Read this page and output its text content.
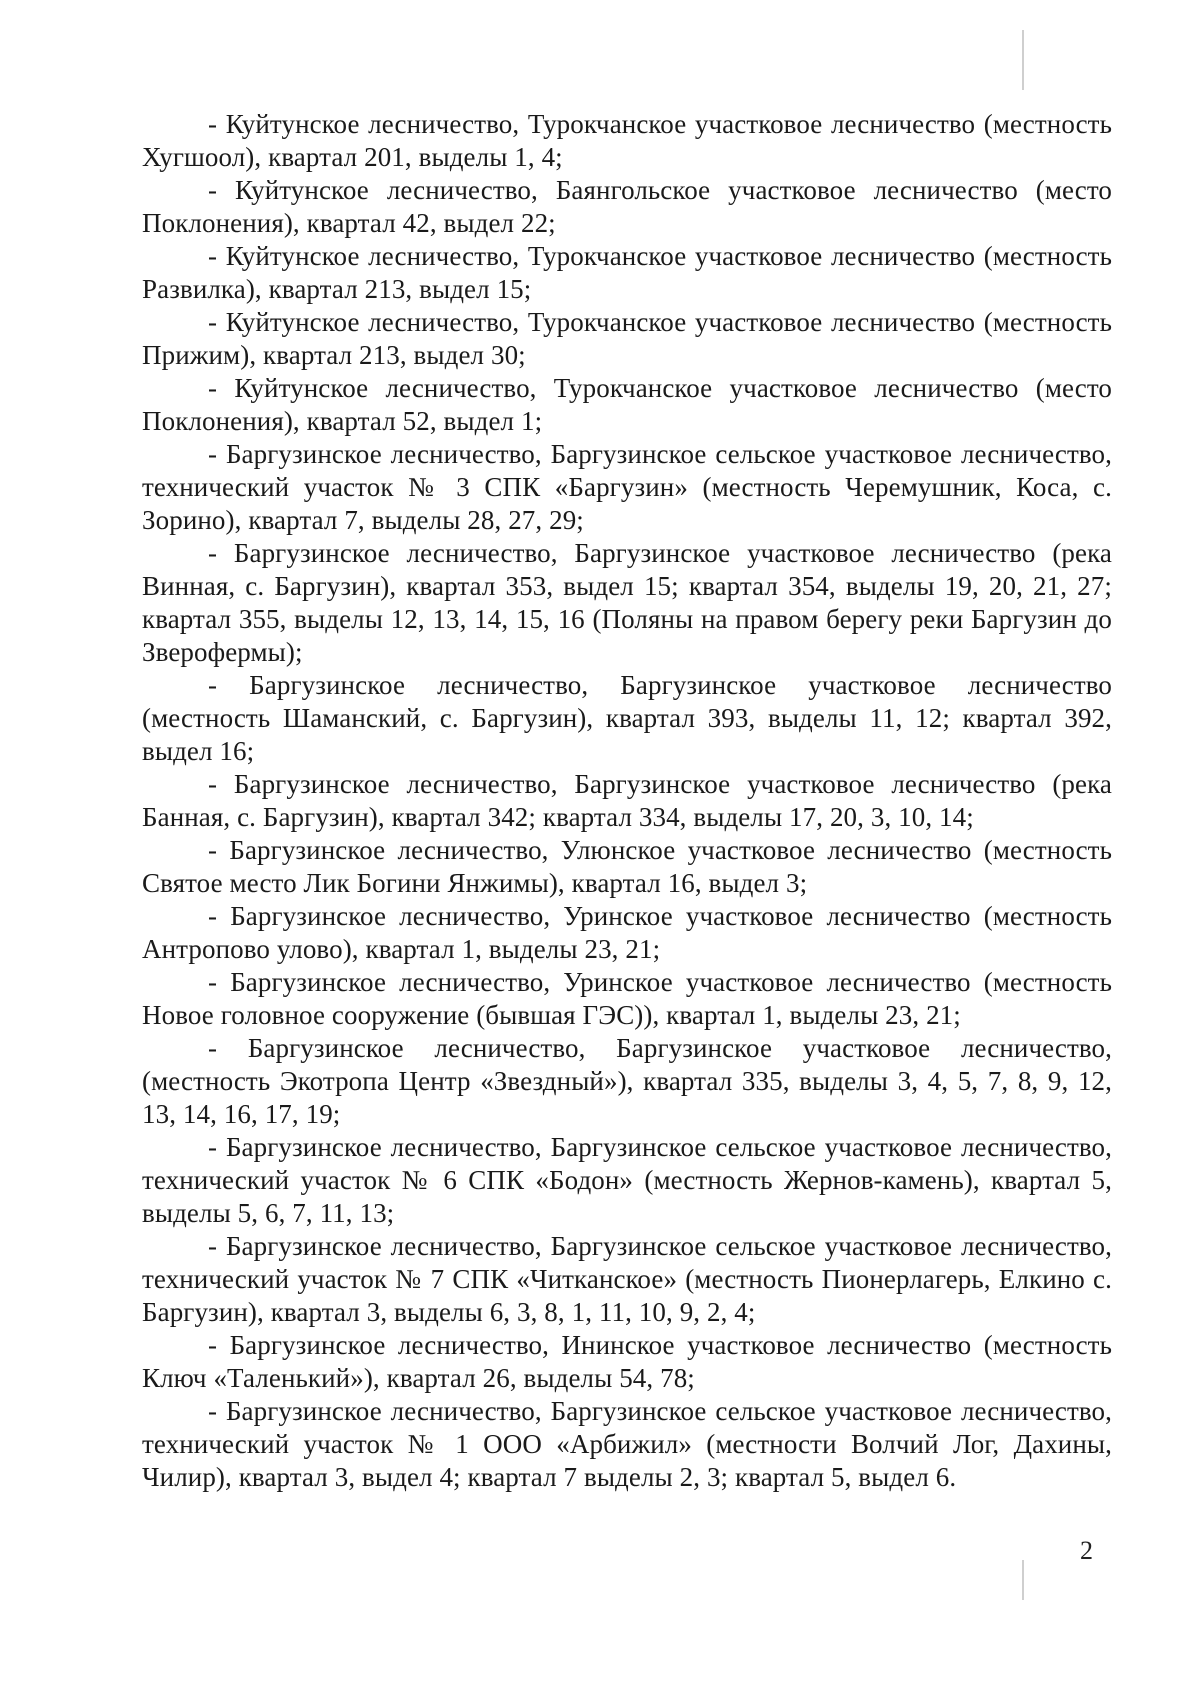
- Куйтунское лесничество, Турокчанское участковое лесничество (местность Хугшоол), квартал 201, выделы 1, 4;

- Куйтунское лесничество, Баянгольское участковое лесничество (место Поклонения), квартал 42, выдел 22;

- Куйтунское лесничество, Турокчанское участковое лесничество (местность Развилка), квартал 213, выдел 15;

- Куйтунское лесничество, Турокчанское участковое лесничество (местность Прижим), квартал 213, выдел 30;

- Куйтунское лесничество, Турокчанское участковое лесничество (место Поклонения), квартал 52, выдел 1;

- Баргузинское лесничество, Баргузинское сельское участковое лесничество, технический участок № 3 СПК «Баргузин» (местность Черемушник, Коса, с. Зорино), квартал 7, выделы 28, 27, 29;

- Баргузинское лесничество, Баргузинское участковое лесничество (река Винная, с. Баргузин), квартал 353, выдел 15; квартал 354, выделы 19, 20, 21, 27; квартал 355, выделы 12, 13, 14, 15, 16 (Поляны на правом берегу реки Баргузин до Зверофермы);

- Баргузинское лесничество, Баргузинское участковое лесничество (местность Шаманский, с. Баргузин), квартал 393, выделы 11, 12; квартал 392, выдел 16;

- Баргузинское лесничество, Баргузинское участковое лесничество (река Банная, с. Баргузин), квартал 342; квартал 334, выделы 17, 20, 3, 10, 14;

- Баргузинское лесничество, Улюнское участковое лесничество (местность Святое место Лик Богини Янжимы), квартал 16, выдел 3;

- Баргузинское лесничество, Уринское участковое лесничество (местность Антропово улово), квартал 1, выделы 23, 21;

- Баргузинское лесничество, Уринское участковое лесничество (местность Новое головное сооружение (бывшая ГЭС)), квартал 1, выделы 23, 21;

- Баргузинское лесничество, Баргузинское участковое лесничество, (местность Экотропа Центр «Звездный»), квартал 335, выделы 3, 4, 5, 7, 8, 9, 12, 13, 14, 16, 17, 19;

- Баргузинское лесничество, Баргузинское сельское участковое лесничество, технический участок № 6 СПК «Бодон» (местность Жернов-камень), квартал 5, выделы 5, 6, 7, 11, 13;

- Баргузинское лесничество, Баргузинское сельское участковое лесничество, технический участок № 7 СПК «Читканское» (местность Пионерлагерь, Елкино с. Баргузин), квартал 3, выделы 6, 3, 8, 1, 11, 10, 9, 2, 4;

- Баргузинское лесничество, Ининское участковое лесничество (местность Ключ «Таленький»), квартал 26, выделы 54, 78;

- Баргузинское лесничество, Баргузинское сельское участковое лесничество, технический участок № 1 ООО «Арбижил» (местности Волчий Лог, Дахины, Чилир), квартал 3, выдел 4; квартал 7 выделы 2, 3; квартал 5, выдел 6.

2
